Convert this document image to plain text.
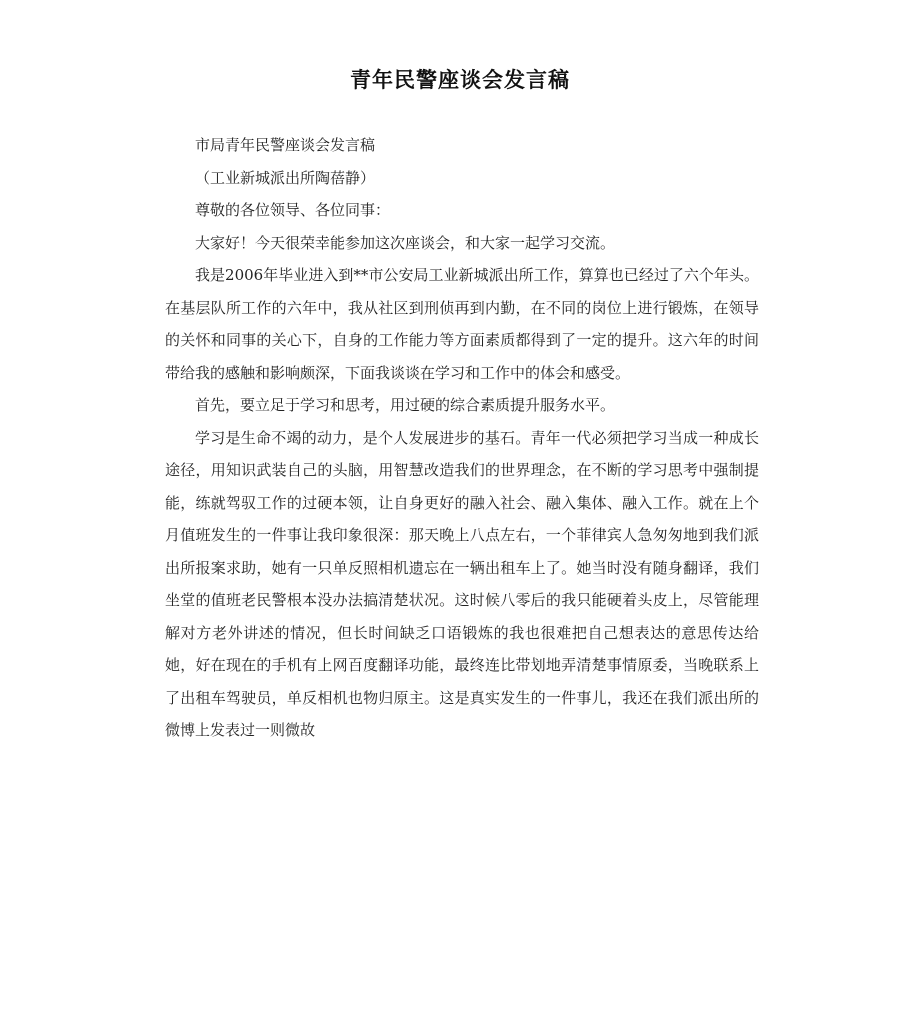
青年民警座谈会发言稿

市局青年民警座谈会发言稿

（工业新城派出所陶蓓静）

尊敬的各位领导、各位同事：

大家好！今天很荣幸能参加这次座谈会，和大家一起学习交流。

我是2006年毕业进入到**市公安局工业新城派出所工作，算算也已经过了六个年头。在基层队所工作的六年中，我从社区到刑侦再到内勤，在不同的岗位上进行锻炼，在领导的关怀和同事的关心下，自身的工作能力等方面素质都得到了一定的提升。这六年的时间带给我的感触和影响颇深，下面我谈谈在学习和工作中的体会和感受。

首先，要立足于学习和思考，用过硬的综合素质提升服务水平。

学习是生命不竭的动力，是个人发展进步的基石。青年一代必须把学习当成一种成长途径，用知识武装自己的头脑，用智慧改造我们的世界理念，在不断的学习思考中强制提能，练就驾驭工作的过硬本领，让自身更好的融入社会、融入集体、融入工作。就在上个月值班发生的一件事让我印象很深：那天晚上八点左右，一个菲律宾人急匆匆地到我们派出所报案求助，她有一只单反照相机遗忘在一辆出租车上了。她当时没有随身翻译，我们坐堂的值班老民警根本没办法搞清楚状况。这时候八零后的我只能硬着头皮上，尽管能理解对方老外讲述的情况，但长时间缺乏口语锻炼的我也很难把自己想表达的意思传达给她，好在现在的手机有上网百度翻译功能，最终连比带划地弄清楚事情原委，当晚联系上了出租车驾驶员，单反相机也物归原主。这是真实发生的一件事儿，我还在我们派出所的微博上发表过一则微故
